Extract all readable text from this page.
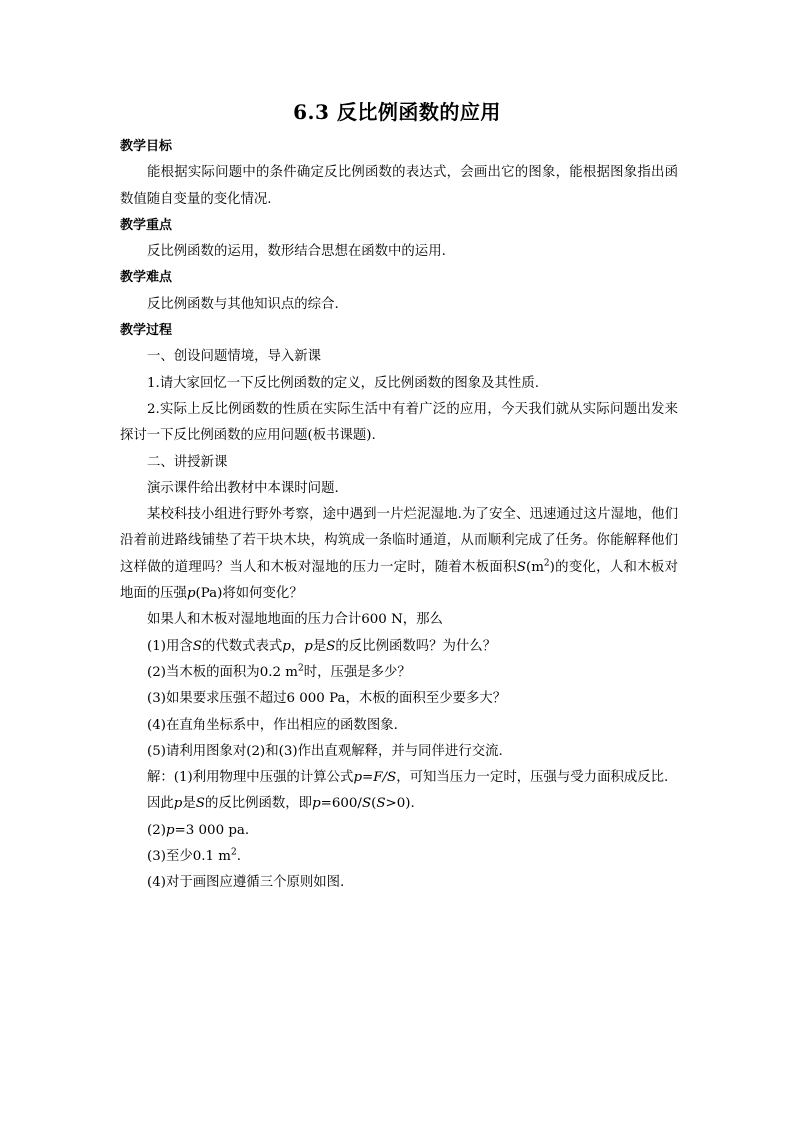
6.3 反比例函数的应用

教学目标

能根据实际问题中的条件确定反比例函数的表达式，会画出它的图象，能根据图象指出函数值随自变量的变化情况.

教学重点

反比例函数的运用，数形结合思想在函数中的运用.

教学难点

反比例函数与其他知识点的综合.

教学过程

一、创设问题情境，导入新课

1.请大家回忆一下反比例函数的定义，反比例函数的图象及其性质.

2.实际上反比例函数的性质在实际生活中有着广泛的应用，今天我们就从实际问题出发来探讨一下反比例函数的应用问题(板书课题).

二、讲授新课

演示课件给出教材中本课时问题.

某校科技小组进行野外考察，途中遇到一片烂泥湿地.为了安全、迅速通过这片湿地，他们沿着前进路线铺垫了若干块木块，构筑成一条临时通道，从而顺利完成了任务。你能解释他们这样做的道理吗？当人和木板对湿地的压力一定时，随着木板面积$S(m^2)$的变化，人和木板对地面的压强p(Pa)将如何变化？

如果人和木板对湿地地面的压力合计600 N，那么

(1)用含S的代数式表式p，p是S的反比例函数吗？为什么？

(2)当木板的面积为0.2 $m^2$时，压强是多少？

(3)如果要求压强不超过6 000 Pa，木板的面积至少要多大？

(4)在直角坐标系中，作出相应的函数图象.

(5)请利用图象对(2)和(3)作出直观解释，并与同伴进行交流.

解：(1)利用物理中压强的计算公式p=F/S，可知当压力一定时，压强与受力面积成反比.

因此p是S的反比例函数，即p=600/S(S>0).

(2)p=3 000 pa.

(3)至少0.1 $m^2$.

(4)对于画图应遵循三个原则如图.
